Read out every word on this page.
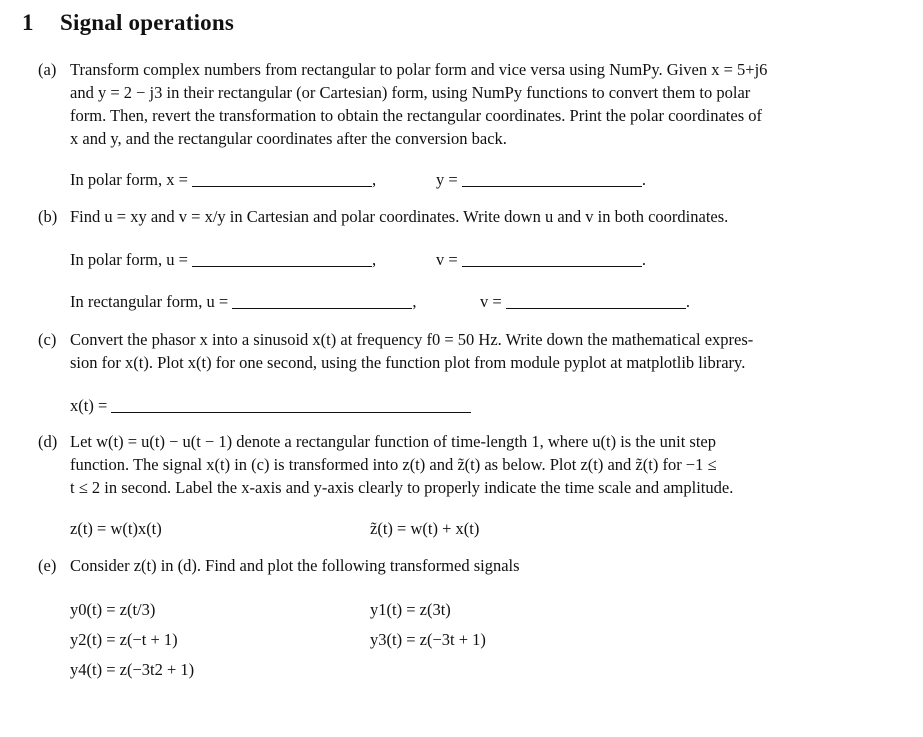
1 Signal operations
(a) Transform complex numbers from rectangular to polar form and vice versa using NumPy. Given x = 5+j6
and y = 2 − j3 in their rectangular (or Cartesian) form, using NumPy functions to convert them to polar
form. Then, revert the transformation to obtain the rectangular coordinates. Print the polar coordinates of
x and y, and the rectangular coordinates after the conversion back.
In polar form, x =	,	y =	.
(b) Find u = xy and v = x/y in Cartesian and polar coordinates. Write down u and v in both coordinates.
In polar form, u =	,	v =	.
In rectangular form, u =	,	v =	.
(c) Convert the phasor x into a sinusoid x(t) at frequency f0 = 50 Hz. Write down the mathematical expres-
sion for x(t). Plot x(t) for one second, using the function plot from module pyplot at matplotlib library.
x(t) =
(d) Let w(t) = u(t) − u(t − 1) denote a rectangular function of time-length 1, where u(t) is the unit step
function. The signal x(t) in (c) is transformed into z(t) and z̃(t) as below. Plot z(t) and z̃(t) for −1 ≤
t ≤ 2 in second. Label the x-axis and y-axis clearly to properly indicate the time scale and amplitude.
z(t) = w(t)x(t)	z̃(t) = w(t) + x(t)
(e) Consider z(t) in (d). Find and plot the following transformed signals
y0(t) = z(t/3)	y1(t) = z(3t)
y2(t) = z(−t + 1)	y3(t) = z(−3t + 1)
y4(t) = z(−3t2 + 1)
